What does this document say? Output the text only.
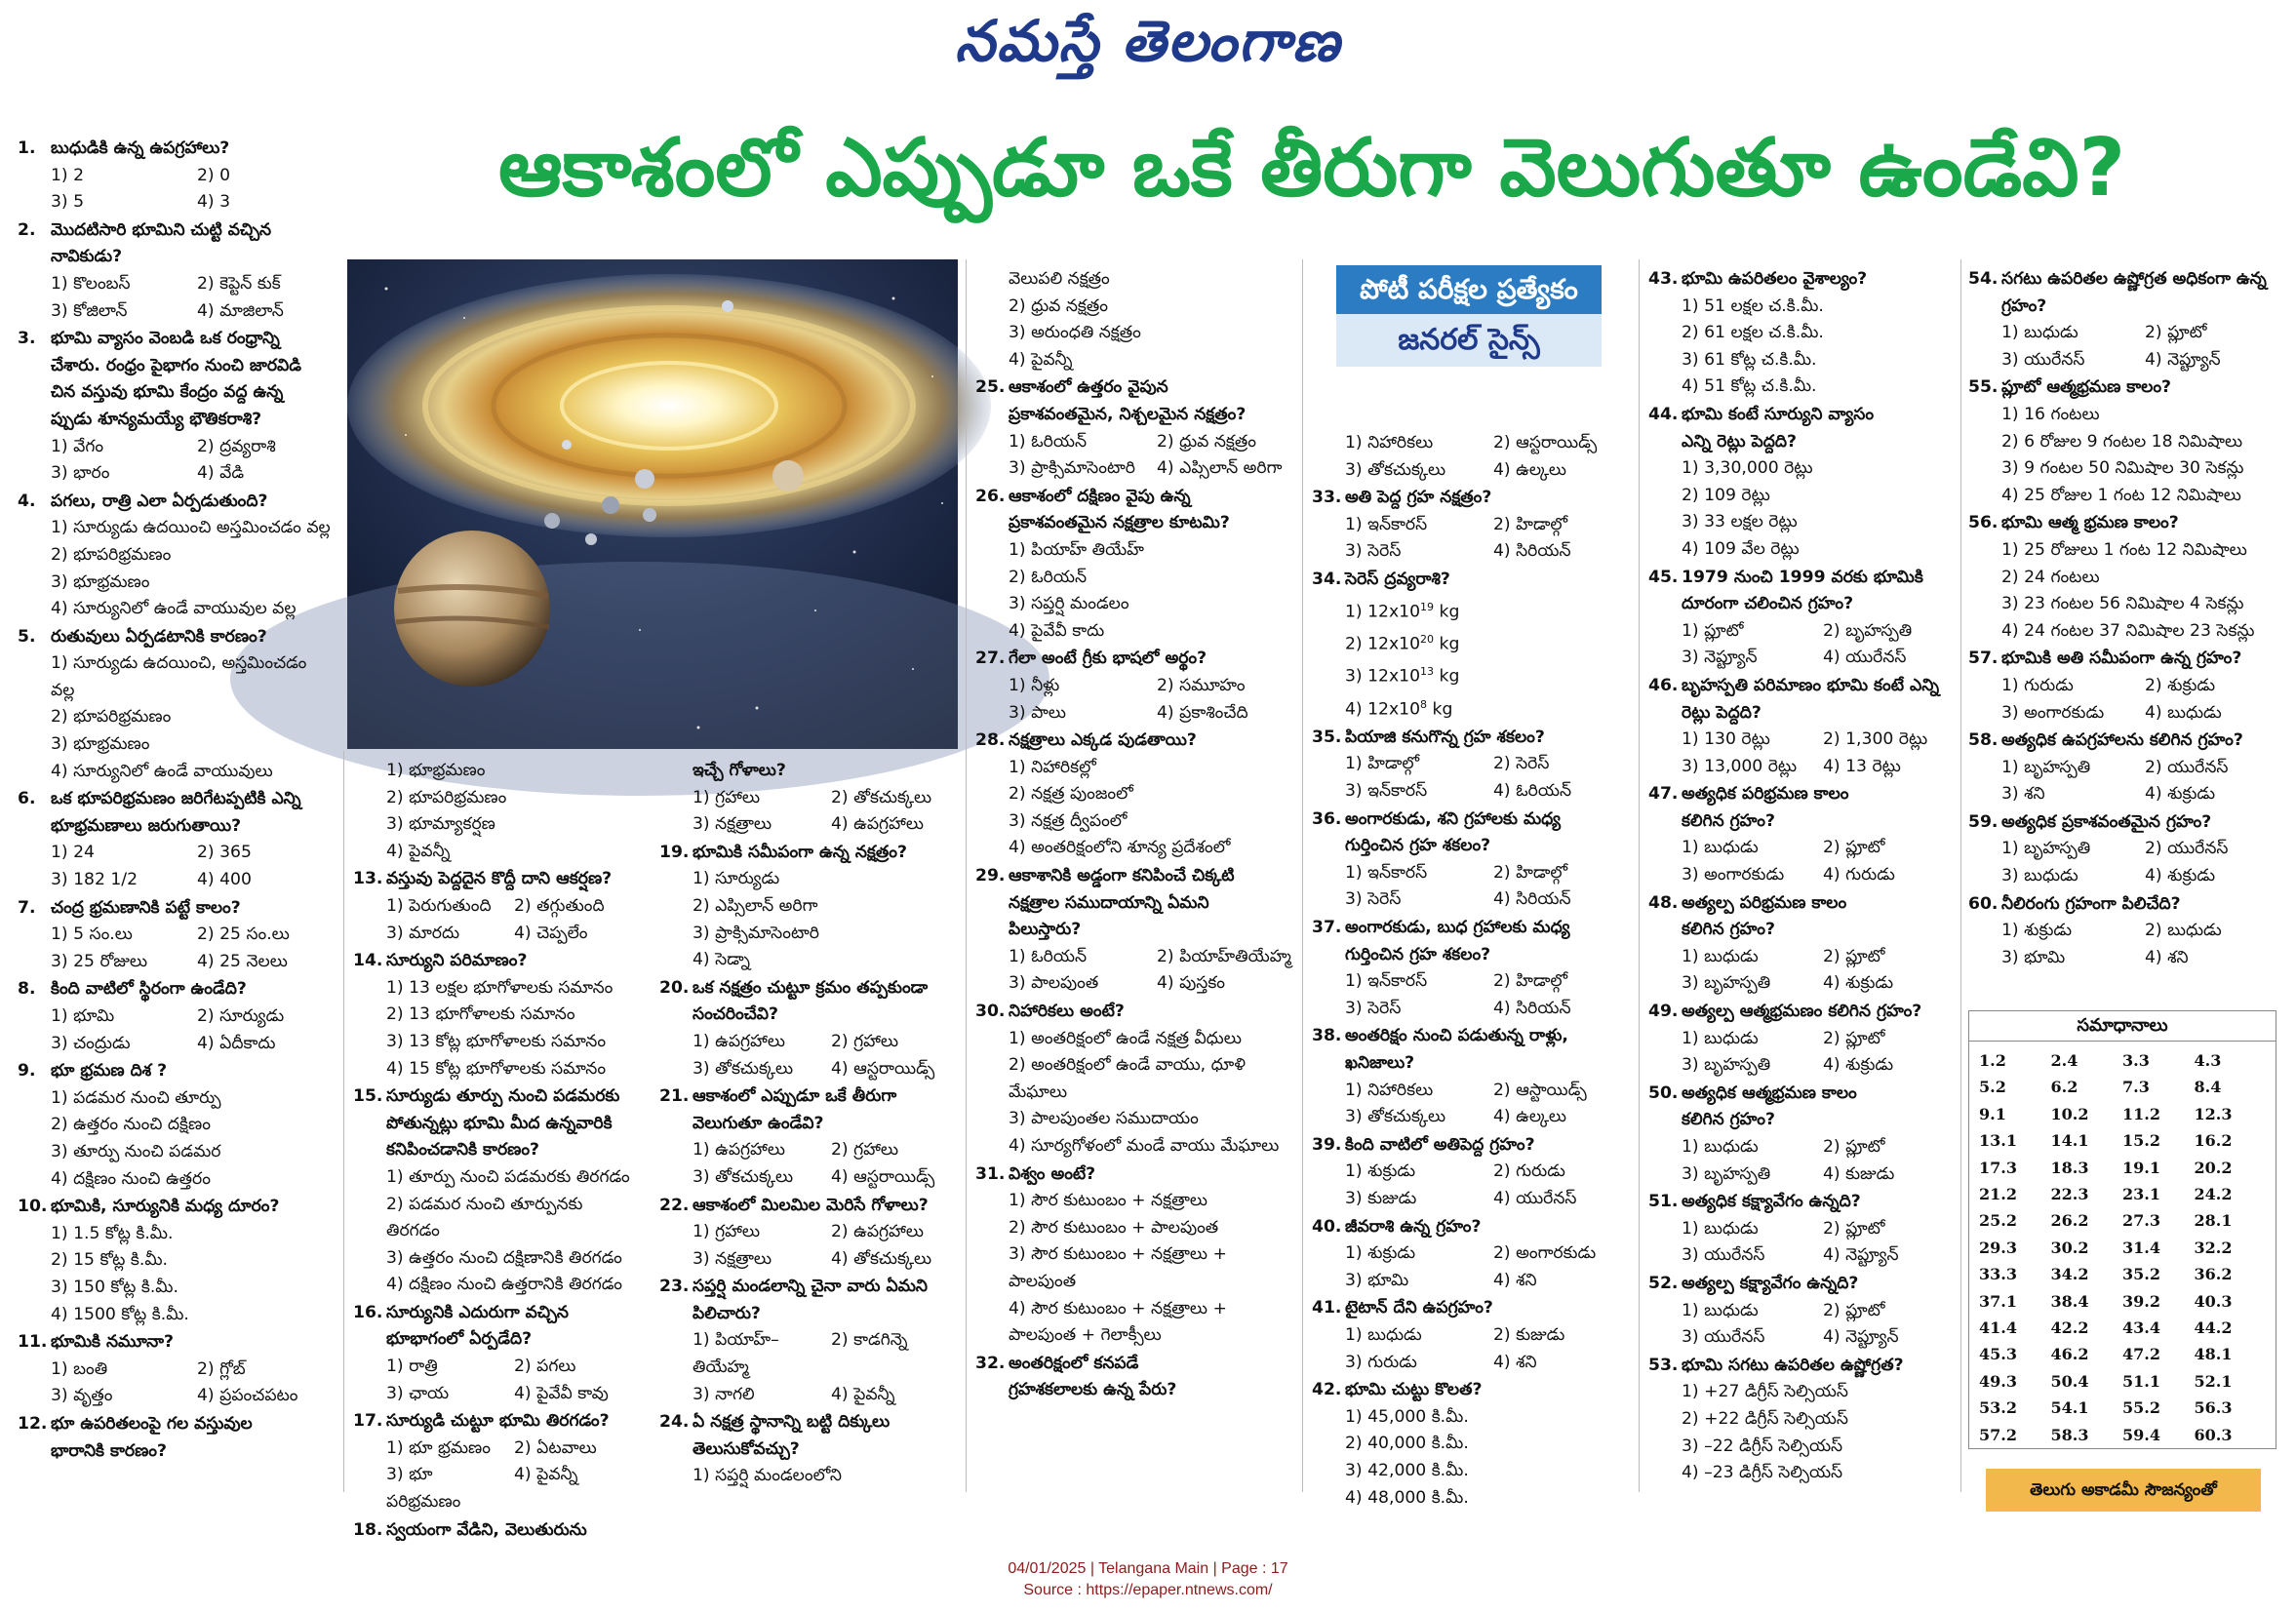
నమస్తే తెలంగాణ
ఆకాశంలో ఎప్పుడూ ఒకే తీరుగా వెలుగుతూ ఉండేవి?
పోటీ పరీక్షల ప్రత్యేకం
జనరల్ సైన్స్
1. బుధుడికి ఉన్న ఉపగ్రహాలు?
1) 2	2) 0
3) 5	4) 3
2. మొదటిసారి భూమిని చుట్టి వచ్చిన
నావికుడు?
1) కొలంబస్	2) కెప్టెన్ కుక్
3) కోజిలాన్	4) మాజిలాన్
3. భూమి వ్యాసం వెంబడి ఒక రంధ్రాన్ని
చేశారు. రంధ్రం పైభాగం నుంచి జారవిడి
చిన వస్తువు భూమి కేంద్రం వద్ద ఉన్న
ప్పుడు శూన్యమయ్యే భౌతికరాశి?
1) వేగం	2) ద్రవ్యరాశి
3) భారం	4) వేడి
4. పగలు, రాత్రి ఎలా ఏర్పడుతుంది?
1) సూర్యుడు ఉదయించి అస్తమించడం వల్ల
2) భూపరిభ్రమణం
3) భూభ్రమణం
4) సూర్యునిలో ఉండే వాయువుల వల్ల
5. రుతువులు ఏర్పడటానికి కారణం?
1) సూర్యుడు ఉదయించి, అస్తమించడం వల్ల
2) భూపరిభ్రమణం
3) భూభ్రమణం
4) సూర్యునిలో ఉండే వాయువులు
6. ఒక భూపరిభ్రమణం జరిగేటప్పటికి ఎన్ని
భూభ్రమణాలు జరుగుతాయి?
1) 24	2) 365
3) 182 1/2	4) 400
7. చంద్ర భ్రమణానికి పట్టే కాలం?
1) 5 సం.లు	2) 25 సం.లు
3) 25 రోజులు	4) 25 నెలలు
8. కింది వాటిలో స్థిరంగా ఉండేది?
1) భూమి	2) సూర్యుడు
3) చంద్రుడు	4) ఏదీకాదు
9. భూ భ్రమణ దిశ ?
1) పడమర నుంచి తూర్పు
2) ఉత్తరం నుంచి దక్షిణం
3) తూర్పు నుంచి పడమర
4) దక్షిణం నుంచి ఉత్తరం
10. భూమికి, సూర్యునికి మధ్య దూరం?
1) 1.5 కోట్ల కి.మీ.
2) 15 కోట్ల కి.మీ.
3) 150 కోట్ల కి.మీ.
4) 1500 కోట్ల కి.మీ.
11. భూమికి నమూనా?
1) బంతి	2) గ్లోబ్
3) వృత్తం	4) ప్రపంచపటం
12. భూ ఉపరితలంపై గల వస్తువుల
భారానికి కారణం?
1) భూభ్రమణం
2) భూపరిభ్రమణం
3) భూమ్యాకర్షణ
4) పైవన్నీ
13. వస్తువు పెద్దదైన కొద్దీ దాని ఆకర్షణ?
1) పెరుగుతుంది	2) తగ్గుతుంది
3) మారదు	4) చెప్పలేం
14. సూర్యుని పరిమాణం?
1) 13 లక్షల భూగోళాలకు సమానం
2) 13 భూగోళాలకు సమానం
3) 13 కోట్ల భూగోళాలకు సమానం
4) 15 కోట్ల భూగోళాలకు సమానం
15. సూర్యుడు తూర్పు నుంచి పడమరకు
పోతున్నట్లు భూమి మీద ఉన్నవారికి
కనిపించడానికి కారణం?
1) తూర్పు నుంచి పడమరకు తిరగడం
2) పడమర నుంచి తూర్పునకు తిరగడం
3) ఉత్తరం నుంచి దక్షిణానికి తిరగడం
4) దక్షిణం నుంచి ఉత్తరానికి తిరగడం
16. సూర్యునికి ఎదురుగా వచ్చిన
భూభాగంలో ఏర్పడేది?
1) రాత్రి	2) పగలు
3) ఛాయ	4) పైవేవీ కావు
17. సూర్యుడి చుట్టూ భూమి తిరగడం?
1) భూ భ్రమణం	2) ఏటవాలు
3) భూ పరిభ్రమణం
4) పైవన్నీ
18. స్వయంగా వేడిని, వెలుతురును
ఇచ్చే గోళాలు?
1) గ్రహాలు	2) తోకచుక్కలు
3) నక్షత్రాలు	4) ఉపగ్రహాలు
19. భూమికి సమీపంగా ఉన్న నక్షత్రం?
1) సూర్యుడు
2) ఎప్సిలాన్ అరిగా
3) ప్రాక్సిమాసెంటారి
4) సెడ్నా
20. ఒక నక్షత్రం చుట్టూ క్రమం తప్పకుండా
సంచరించేవి?
1) ఉపగ్రహాలు	2) గ్రహాలు
3) తోకచుక్కలు	4) ఆస్టరాయిడ్స్
21. ఆకాశంలో ఎప్పుడూ ఒకే తీరుగా
వెలుగుతూ ఉండేవి?
1) ఉపగ్రహాలు	2) గ్రహాలు
3) తోకచుక్కలు	4) ఆస్టరాయిడ్స్
22. ఆకాశంలో మిలమిల మెరిసే గోళాలు?
1) గ్రహాలు	2) ఉపగ్రహాలు
3) నక్షత్రాలు	4) తోకచుక్కలు
23. సప్తర్షి మండలాన్ని చైనా వారు ఏమని
పిలిచారు?
1) పియాహ్–తియేహ్మ
2) కాడగిన్నె
3) నాగలి	4) పైవన్నీ
24. ఏ నక్షత్ర స్థానాన్ని బట్టి దిక్కులు
తెలుసుకోవచ్చు?
1) సప్తర్షి మండలంలోని
వెలుపలి నక్షత్రం
2) ధ్రువ నక్షత్రం
3) అరుంధతి నక్షత్రం
4) పైవన్నీ
25. ఆకాశంలో ఉత్తరం వైపున
ప్రకాశవంతమైన, నిశ్చలమైన నక్షత్రం?
1) ఓరియన్	2) ధ్రువ నక్షత్రం
3) ప్రాక్సిమాసెంటారి	4) ఎప్సిలాన్ అరిగా
26. ఆకాశంలో దక్షిణం వైపు ఉన్న
ప్రకాశవంతమైన నక్షత్రాల కూటమి?
1) పియాహ్ తియేహ్
2) ఓరియన్
3) సప్తర్షి మండలం
4) పైవేవీ కాదు
27. గేలా అంటే గ్రీకు భాషలో అర్థం?
1) నీళ్లు	2) సమూహం
3) పాలు	4) ప్రకాశించేది
28. నక్షత్రాలు ఎక్కడ పుడతాయి?
1) నిహారికల్లో
2) నక్షత్ర పుంజంలో
3) నక్షత్ర ద్వీపంలో
4) అంతరిక్షంలోని శూన్య ప్రదేశంలో
29. ఆకాశానికి అడ్డంగా కనిపించే చిక్కటి
నక్షత్రాల సముదాయాన్ని ఏమని
పిలుస్తారు?
1) ఓరియన్	2) పియాహ్‌తియేహ్మ
3) పాలపుంత	4) పుస్తకం
30. నిహారికలు అంటే?
1) అంతరిక్షంలో ఉండే నక్షత్ర వీధులు
2) అంతరిక్షంలో ఉండే వాయు, ధూళి మేఘాలు
3) పాలపుంతల సముదాయం
4) సూర్యగోళంలో మండే వాయు మేఘాలు
31. విశ్వం అంటే?
1) సౌర కుటుంబం + నక్షత్రాలు
2) సౌర కుటుంబం + పాలపుంత
3) సౌర కుటుంబం + నక్షత్రాలు + పాలపుంత
4) సౌర కుటుంబం + నక్షత్రాలు + పాలపుంత + గెలాక్సీలు
32. అంతరిక్షంలో కనపడే
గ్రహశకలాలకు ఉన్న పేరు?
1) నిహారికలు	2) ఆస్టరాయిడ్స్
3) తోకచుక్కలు	4) ఉల్కలు
33. అతి పెద్ద గ్రహ నక్షత్రం?
1) ఇన్‌కారస్	2) హిడాల్గో
3) సెరెస్	4) సిరియన్
34. సెరెస్ ద్రవ్యరాశి?
1) $12x10^{19}$ kg
2) $12x10^{20}$ kg
3) $12x10^{13}$ kg
4) $12x10^8$ kg
35. పియాజి కనుగొన్న గ్రహ శకలం?
1) హిడాల్గో	2) సెరెస్
3) ఇన్‌కారస్	4) ఓరియన్
36. అంగారకుడు, శని గ్రహాలకు మధ్య
గుర్తించిన గ్రహ శకలం?
1) ఇన్‌కారస్	2) హిడాల్గో
3) సెరెస్	4) సిరియన్
37. అంగారకుడు, బుధ గ్రహాలకు మధ్య
గుర్తించిన గ్రహ శకలం?
1) ఇన్‌కారస్	2) హిడాల్గో
3) సెరెస్	4) సిరియన్
38. అంతరిక్షం నుంచి పడుతున్న రాళ్లు,
ఖనిజాలు?
1) నిహారికలు	2) ఆస్టాయిడ్స్
3) తోకచుక్కలు	4) ఉల్కలు
39. కింది వాటిలో అతిపెద్ద గ్రహం?
1) శుక్రుడు	2) గురుడు
3) కుజుడు	4) యురేనస్
40. జీవరాశి ఉన్న గ్రహం?
1) శుక్రుడు	2) అంగారకుడు
3) భూమి	4) శని
41. టైటాన్ దేని ఉపగ్రహం?
1) బుధుడు	2) కుజుడు
3) గురుడు	4) శని
42. భూమి చుట్టు కొలత?
1) 45,000 కి.మీ.
2) 40,000 కి.మీ.
3) 42,000 కి.మీ.
4) 48,000 కి.మీ.
43. భూమి ఉపరితలం వైశాల్యం?
1) 51 లక్షల చ.కి.మీ.
2) 61 లక్షల చ.కి.మీ.
3) 61 కోట్ల చ.కి.మీ.
4) 51 కోట్ల చ.కి.మీ.
44. భూమి కంటే సూర్యుని వ్యాసం
ఎన్ని రెట్లు పెద్దది?
1) 3,30,000 రెట్లు
2) 109 రెట్లు
3) 33 లక్షల రెట్లు
4) 109 వేల రెట్లు
45. 1979 నుంచి 1999 వరకు భూమికి
దూరంగా చలించిన గ్రహం?
1) ప్లూటో	2) బృహస్పతి
3) నెప్ట్యూన్	4) యురేనస్
46. బృహస్పతి పరిమాణం భూమి కంటే ఎన్ని
రెట్లు పెద్దది?
1) 130 రెట్లు	2) 1,300 రెట్లు
3) 13,000 రెట్లు	4) 13 రెట్లు
47. అత్యధిక పరిభ్రమణ కాలం
కలిగిన గ్రహం?
1) బుధుడు	2) ప్లూటో
3) అంగారకుడు	4) గురుడు
48. అత్యల్ప పరిభ్రమణ కాలం
కలిగిన గ్రహం?
1) బుధుడు	2) ప్లూటో
3) బృహస్పతి	4) శుక్రుడు
49. అత్యల్ప ఆత్మభ్రమణం కలిగిన గ్రహం?
1) బుధుడు	2) ప్లూటో
3) బృహస్పతి	4) శుక్రుడు
50. అత్యధిక ఆత్మభ్రమణ కాలం
కలిగిన గ్రహం?
1) బుధుడు	2) ప్లూటో
3) బృహస్పతి	4) కుజుడు
51. అత్యధిక కక్ష్యావేగం ఉన్నది?
1) బుధుడు	2) ప్లూటో
3) యురేనస్	4) నెప్ట్యూన్
52. అత్యల్ప కక్ష్యావేగం ఉన్నది?
1) బుధుడు	2) ప్లూటో
3) యురేనస్	4) నెప్ట్యూన్
53. భూమి సగటు ఉపరితల ఉష్ణోగ్రత?
1) +27 డిగ్రీస్ సెల్సియస్
2) +22 డిగ్రీస్ సెల్సియస్
3) –22 డిగ్రీస్ సెల్సియస్
4) –23 డిగ్రీస్ సెల్సియస్
54. సగటు ఉపరితల ఉష్ణోగ్రత అధికంగా ఉన్న
గ్రహం?
1) బుధుడు	2) ప్లూటో
3) యురేనస్	4) నెప్ట్యూన్
55. ప్లూటో ఆత్మభ్రమణ కాలం?
1) 16 గంటలు
2) 6 రోజుల 9 గంటల 18 నిమిషాలు
3) 9 గంటల 50 నిమిషాల 30 సెకన్లు
4) 25 రోజుల 1 గంట 12 నిమిషాలు
56. భూమి ఆత్మ భ్రమణ కాలం?
1) 25 రోజులు 1 గంట 12 నిమిషాలు
2) 24 గంటలు
3) 23 గంటల 56 నిమిషాల 4 సెకన్లు
4) 24 గంటల 37 నిమిషాల 23 సెకన్లు
57. భూమికి అతి సమీపంగా ఉన్న గ్రహం?
1) గురుడు	2) శుక్రుడు
3) అంగారకుడు	4) బుధుడు
58. అత్యధిక ఉపగ్రహాలను కలిగిన గ్రహం?
1) బృహస్పతి	2) యురేనస్
3) శని	4) శుక్రుడు
59. అత్యధిక ప్రకాశవంతమైన గ్రహం?
1) బృహస్పతి	2) యురేనస్
3) బుధుడు	4) శుక్రుడు
60. నీలిరంగు గ్రహంగా పిలిచేది?
1) శుక్రుడు	2) బుధుడు
3) భూమి	4) శని
సమాధానాలు
1.2	2.4	3.3	4.3
5.2	6.2	7.3	8.4
9.1	10.2	11.2	12.3
13.1	14.1	15.2	16.2
17.3	18.3	19.1	20.2
21.2	22.3	23.1	24.2
25.2	26.2	27.3	28.1
29.3	30.2	31.4	32.2
33.3	34.2	35.2	36.2
37.1	38.4	39.2	40.3
41.4	42.2	43.4	44.2
45.3	46.2	47.2	48.1
49.3	50.4	51.1	52.1
53.2	54.1	55.2	56.3
57.2	58.3	59.4	60.3
తెలుగు అకాడమీ సౌజన్యంతో
04/01/2025 | Telangana Main | Page : 17
Source : https://epaper.ntnews.com/
